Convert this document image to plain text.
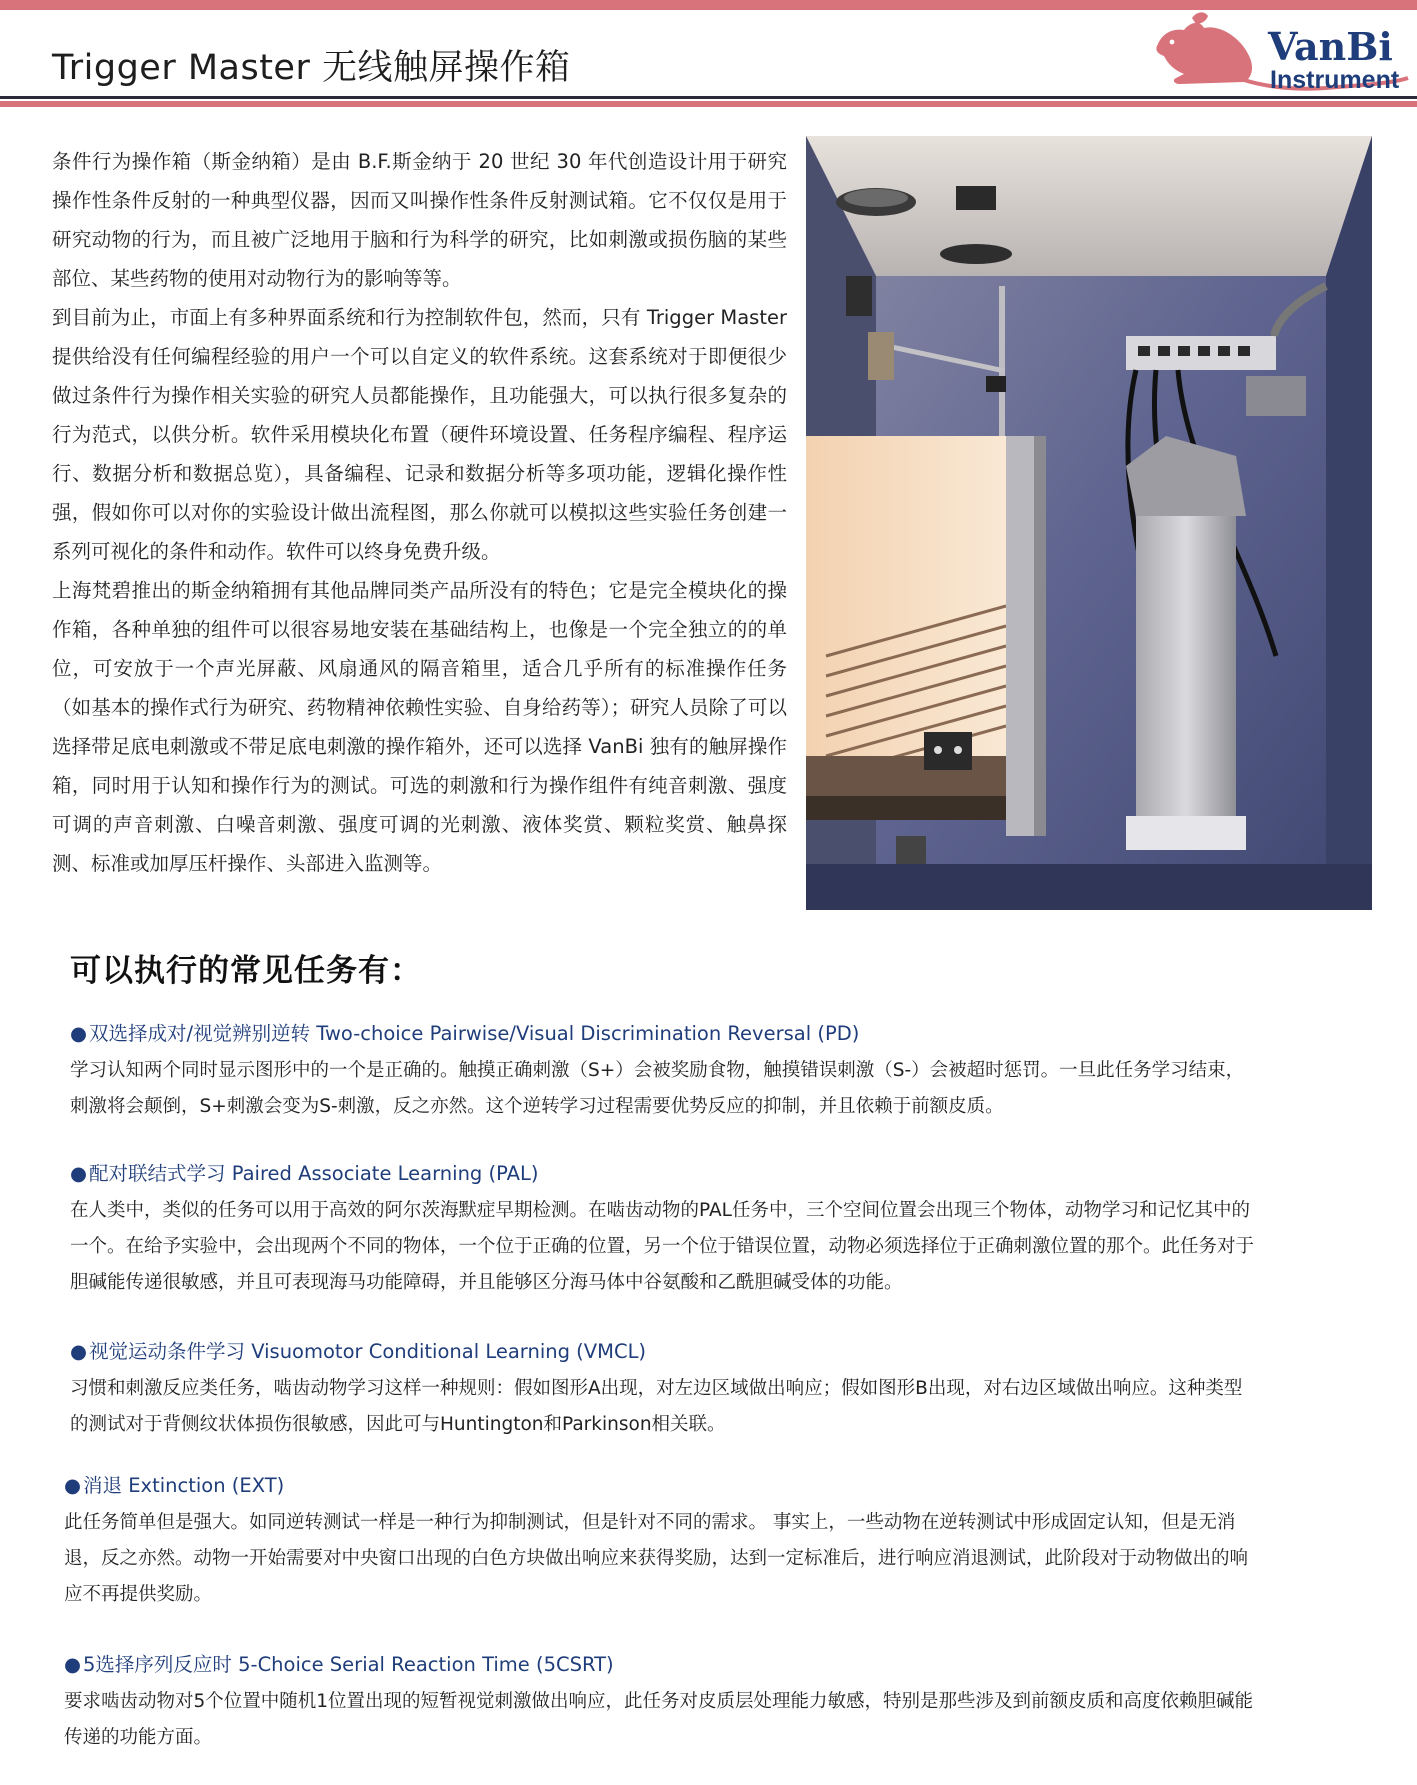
Trigger Master 无线触屏操作箱	VanBi
Instrument

条件行为操作箱（斯金纳箱）是由 B.F.斯金纳于 20 世纪 30 年代创造设计用于研究操作性条件反射的一种典型仪器，因而又叫操作性条件反射测试箱。它不仅仅是用于研究动物的行为，而且被广泛地用于脑和行为科学的研究，比如刺激或损伤脑的某些部位、某些药物的使用对动物行为的影响等等。

到目前为止，市面上有多种界面系统和行为控制软件包，然而，只有 Trigger Master 提供给没有任何编程经验的用户一个可以自定义的软件系统。这套系统对于即便很少做过条件行为操作相关实验的研究人员都能操作，且功能强大，可以执行很多复杂的行为范式，以供分析。软件采用模块化布置（硬件环境设置、任务程序编程、程序运行、数据分析和数据总览），具备编程、记录和数据分析等多项功能，逻辑化操作性强，假如你可以对你的实验设计做出流程图，那么你就可以模拟这些实验任务创建一系列可视化的条件和动作。软件可以终身免费升级。

上海梵碧推出的斯金纳箱拥有其他品牌同类产品所没有的特色；它是完全模块化的操作箱，各种单独的组件可以很容易地安装在基础结构上，也像是一个完全独立的的单位，可安放于一个声光屏蔽、风扇通风的隔音箱里，适合几乎所有的标准操作任务（如基本的操作式行为研究、药物精神依赖性实验、自身给药等）；研究人员除了可以选择带足底电刺激或不带足底电刺激的操作箱外，还可以选择 VanBi 独有的触屏操作箱，同时用于认知和操作行为的测试。可选的刺激和行为操作组件有纯音刺激、强度可调的声音刺激、白噪音刺激、强度可调的光刺激、液体奖赏、颗粒奖赏、触鼻探测、标准或加厚压杆操作、头部进入监测等。

可以执行的常见任务有：
● 双选择成对/视觉辨别逆转 Two-choice Pairwise/Visual Discrimination Reversal (PD)

学习认知两个同时显示图形中的一个是正确的。触摸正确刺激（S+）会被奖励食物，触摸错误刺激（S-）会被超时惩罚。一旦此任务学习结束，刺激将会颠倒，S+刺激会变为S-刺激，反之亦然。这个逆转学习过程需要优势反应的抑制，并且依赖于前额皮质。

● 配对联结式学习 Paired Associate Learning (PAL)

在人类中，类似的任务可以用于高效的阿尔茨海默症早期检测。在啮齿动物的PAL任务中，三个空间位置会出现三个物体，动物学习和记忆其中的一个。在给予实验中，会出现两个不同的物体，一个位于正确的位置，另一个位于错误位置，动物必须选择位于正确刺激位置的那个。此任务对于胆碱能传递很敏感，并且可表现海马功能障碍，并且能够区分海马体中谷氨酸和乙酰胆碱受体的功能。

● 视觉运动条件学习 Visuomotor Conditional Learning (VMCL)

习惯和刺激反应类任务，啮齿动物学习这样一种规则：假如图形A出现，对左边区域做出响应；假如图形B出现，对右边区域做出响应。这种类型的测试对于背侧纹状体损伤很敏感，因此可与Huntington和Parkinson相关联。

● 消退 Extinction (EXT)

此任务简单但是强大。如同逆转测试一样是一种行为抑制测试，但是针对不同的需求。 事实上，一些动物在逆转测试中形成固定认知，但是无消退，反之亦然。动物一开始需要对中央窗口出现的白色方块做出响应来获得奖励，达到一定标准后，进行响应消退测试，此阶段对于动物做出的响应不再提供奖励。

● 5选择序列反应时 5-Choice Serial Reaction Time (5CSRT)

要求啮齿动物对5个位置中随机1位置出现的短暂视觉刺激做出响应，此任务对皮质层处理能力敏感，特别是那些涉及到前额皮质和高度依赖胆碱能传递的功能方面。
